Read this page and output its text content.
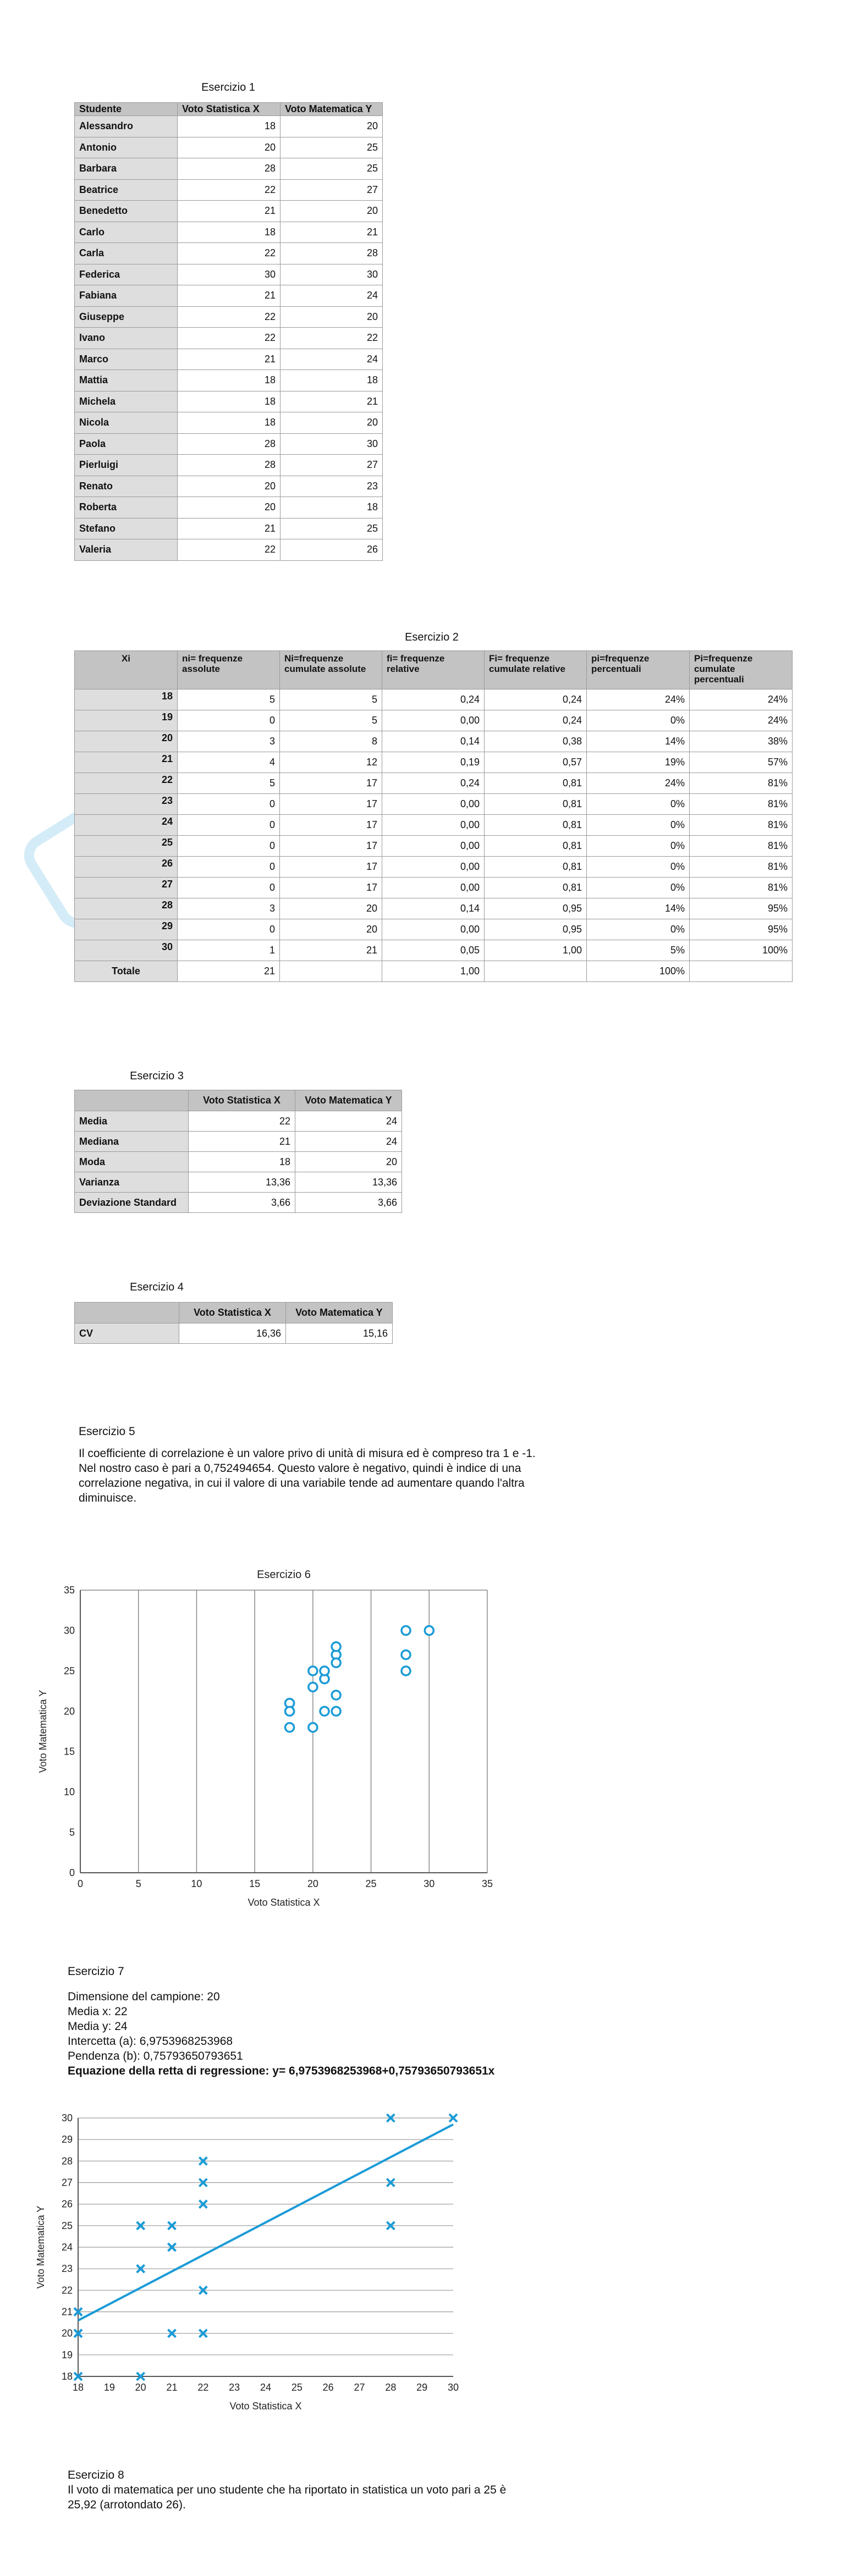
Esercizio 1
Studente	Voto Statistica X	Voto Matematica Y
Alessandro	18	20
Antonio	20	25
Barbara	28	25
Beatrice	22	27
Benedetto	21	20
Carlo	18	21
Carla	22	28
Federica	30	30
Fabiana	21	24
Giuseppe	22	20
Ivano	22	22
Marco	21	24
Mattia	18	18
Michela	18	21
Nicola	18	20
Paola	28	30
Pierluigi	28	27
Renato	20	23
Roberta	20	18
Stefano	21	25
Valeria	22	26
Esercizio 2
Xi	ni= frequenze assolute	Ni=frequenze cumulate assolute	fi= frequenze relative	Fi= frequenze cumulate relative	pi=frequenze percentuali	Pi=frequenze cumulate percentuali
18	5	5	0,24	0,24	24%	24%
19	0	5	0,00	0,24	0%	24%
20	3	8	0,14	0,38	14%	38%
21	4	12	0,19	0,57	19%	57%
22	5	17	0,24	0,81	24%	81%
23	0	17	0,00	0,81	0%	81%
24	0	17	0,00	0,81	0%	81%
25	0	17	0,00	0,81	0%	81%
26	0	17	0,00	0,81	0%	81%
27	0	17	0,00	0,81	0%	81%
28	3	20	0,14	0,95	14%	95%
29	0	20	0,00	0,95	0%	95%
30	1	21	0,05	1,00	5%	100%
Totale	21		1,00		100%	
Esercizio 3
	Voto Statistica X	Voto Matematica Y
Media	22	24
Mediana	21	24
Moda	18	20
Varianza	13,36	13,36
Deviazione Standard	3,66	3,66
Esercizio 4
	Voto Statistica X	Voto Matematica Y
CV	16,36	15,16
Esercizio 5
Il coefficiente di correlazione è un valore privo di unità di misura ed è compreso tra 1 e -1.
Nel nostro caso è pari a 0,752494654. Questo valore è negativo, quindi è indice di una
correlazione negativa, in cui il valore di una variabile tende ad aumentare quando l'altra
diminuisce.
Esercizio 6
0	5	10	15	20	25	30	35
0
5
10
15
20
25
30
35
Voto Statistica X
Voto Matematica Y
Esercizio 7
Dimensione del campione: 20
Media x: 22
Media y: 24
Intercetta (a): 6,9753968253968
Pendenza (b): 0,75793650793651
Equazione della retta di regressione: y= 6,9753968253968+0,75793650793651x
18 19 20 21 22 23 24 25 26 27 28 29 30
18
19
20
21
22
23
24
25
26
27
28
29
30
Voto Statistica X
Voto Matematica Y
Esercizio 8
Il voto di matematica per uno studente che ha riportato in statistica un voto pari a 25 è
25,92 (arrotondato 26).
